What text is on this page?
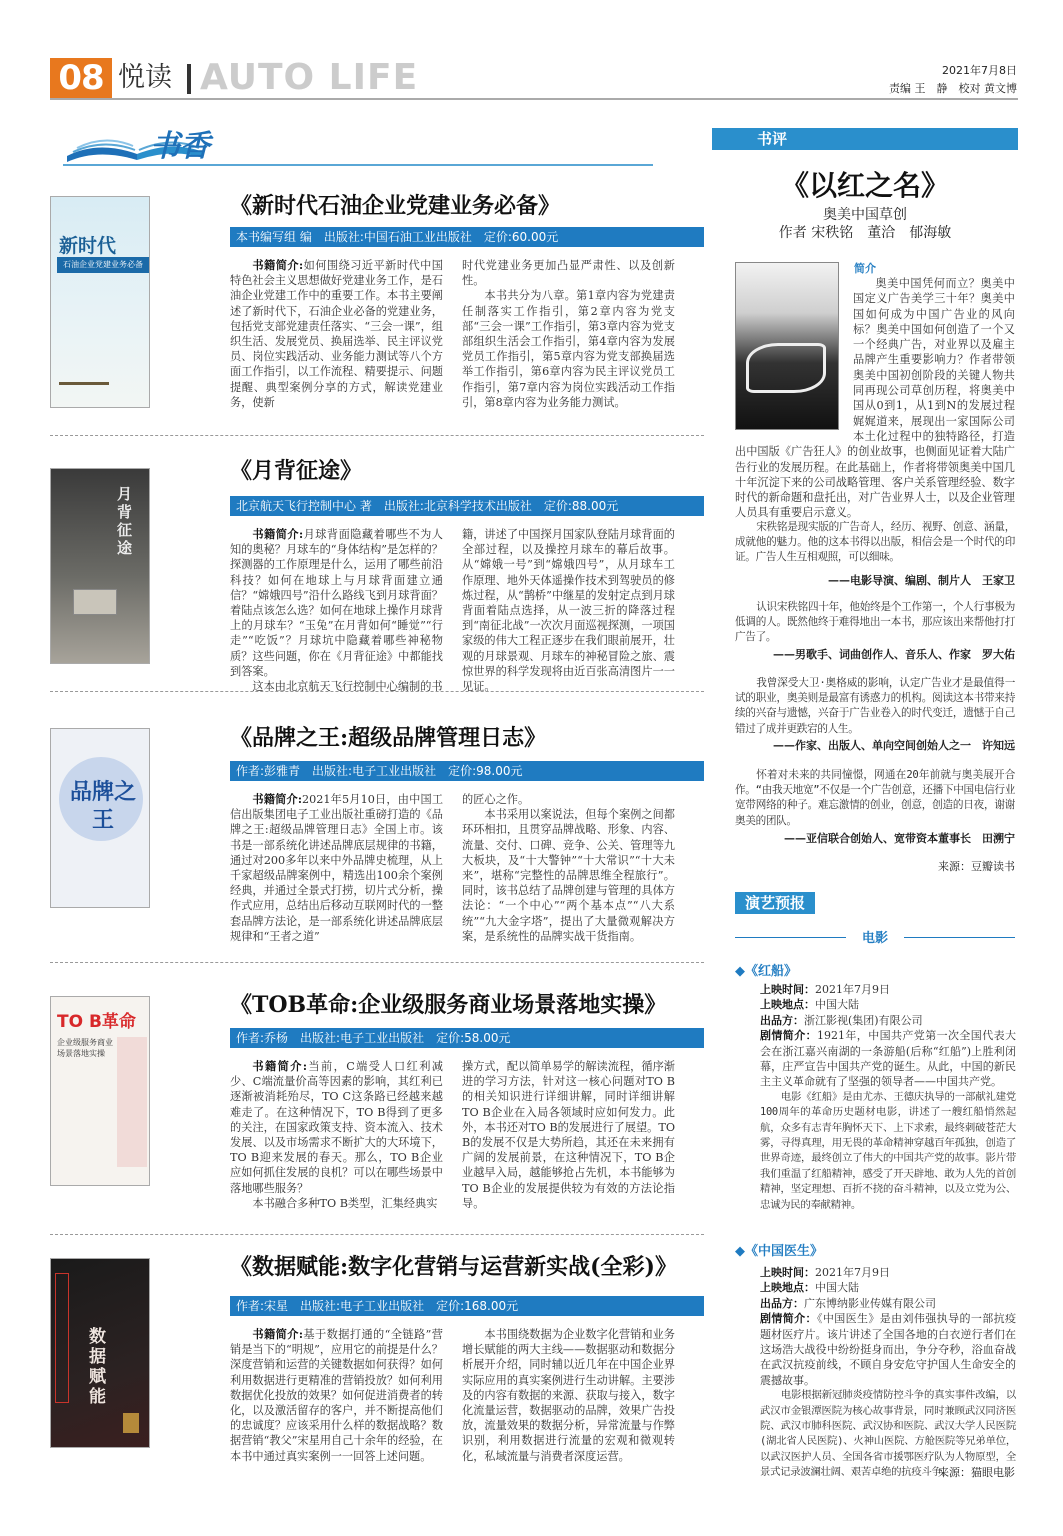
08 悦读 AUTO LIFE	2021年7月8日
责编 王　静　校对 黄文博
书香
新时代
石油企业党建业务必备
《新时代石油企业党建业务必备》
本书编写组 编　出版社:中国石油工业出版社　定价:60.00元

书籍简介:如何围绕习近平新时代中国特色社会主义思想做好党建业务工作，是石油企业党建工作中的重要工作。本书主要阐述了新时代下，石油企业必备的党建业务，包括党支部党建责任落实、“三会一课”，组织生活、发展党员、换届选举、民主评议党员、岗位实践活动、业务能力测试等八个方面工作指引，以工作流程、精要提示、问题提醒、典型案例分享的方式，解读党建业务，使新

时代党建业务更加凸显严肃性、以及创新性。

本书共分为八章。第1章内容为党建责任制落实工作指引，第2章内容为党支部“三会一课”工作指引，第3章内容为党支部组织生活会工作指引，第4章内容为发展党员工作指引，第5章内容为党支部换届选举工作指引，第6章内容为民主评议党员工作指引，第7章内容为岗位实践活动工作指引，第8章内容为业务能力测试。

月背征途
《月背征途》
北京航天飞行控制中心 著　出版社:北京科学技术出版社　定价:88.00元

书籍简介:月球背面隐藏着哪些不为人知的奥秘？月球车的“身体结构”是怎样的？探测器的工作原理是什么，运用了哪些前沿科技？如何在地球上与月球背面建立通信？“嫦娥四号”沿什么路线飞到月球背面？着陆点该怎么选？如何在地球上操作月球背上的月球车？“玉兔”在月背如何“睡觉”“行走”“吃饭”？月球坑中隐藏着哪些神秘物质？这些问题，你在《月背征途》中都能找到答案。

这本由北京航天飞行控制中心编制的书

籍，讲述了中国探月国家队登陆月球背面的全部过程，以及操控月球车的幕后故事。从“嫦娥一号”到“嫦娥四号”，从月球车工作原理、地外天体遥操作技术到驾驶员的修炼过程，从“鹊桥”中继星的发射定点到月球背面着陆点选择，从一波三折的降落过程到“南征北战”一次次月面巡视探测，一项国家级的伟大工程正逐步在我们眼前展开，壮观的月球景观、月球车的神秘冒险之旅、震惊世界的科学发现将由近百张高清图片一一见证。

品牌之王
《品牌之王:超级品牌管理日志》
作者:彭雅青　出版社:电子工业出版社　定价:98.00元

书籍简介:2021年5月10日，由中国工信出版集团电子工业出版社重磅打造的《品牌之王:超级品牌管理日志》全国上市。该书是一部系统化讲述品牌底层规律的书籍，通过对200多年以来中外品牌史梳理，从上千家超级品牌案例中，精选出100余个案例经典，并通过全景式打捞，切片式分析，操作式应用，总结出后移动互联网时代的一整套品牌方法论，是一部系统化讲述品牌底层规律和“王者之道”

的匠心之作。

本书采用以案说法，但每个案例之间都环环相扣，且贯穿品牌战略、形象、内容、流量、交付、口碑、竞争、公关、管理等九大板块，及“十大警钟”“十大常识”“十大未来”，堪称“完整性的品牌思维全程旅行”。同时，该书总结了品牌创建与管理的具体方法论：“一个中心”“两个基本点”“八大系统”“九大金字塔”，提出了大量微观解决方案，是系统性的品牌实战干货指南。

TO B革命
企业级服务商业场景落地实操
《TOB革命:企业级服务商业场景落地实操》
作者:乔杨　出版社:电子工业出版社　定价:58.00元

书籍简介:当前，C端受人口红利减少、C端流量价高等因素的影响，其红利已逐渐被消耗殆尽，TO C这条路已经越来越难走了。在这种情况下，TO B得到了更多的关注，在国家政策支持、资本流入、技术发展、以及市场需求不断扩大的大环境下，TO B迎来发展的春天。那么，TO B企业应如何抓住发展的良机？可以在哪些场景中落地哪些服务？

本书融合多种TO B类型，汇集经典实

操方式，配以简单易学的解读流程，循序渐进的学习方法，针对这一核心问题对TO B的相关知识进行详细讲解，同时详细讲解TO B企业在入局各领域时应如何发力。此外，本书还对TO B的发展进行了展望。TO B的发展不仅是大势所趋，其还在未来拥有广阔的发展前景，在这种情况下，TO B企业越早入局，越能够抢占先机，本书能够为TO B企业的发展提供较为有效的方法论指导。

数据赋能
《数据赋能:数字化营销与运营新实战(全彩)》
作者:宋星　出版社:电子工业出版社　定价:168.00元

书籍简介:基于数据打通的“全链路”营销是当下的“明规”，应用它的前提是什么？深度营销和运营的关键数据如何获得？如何利用数据进行更精准的营销投放？如何利用数据优化投放的效果？如何促进消费者的转化，以及激活留存的客户，并不断提高他们的忠诚度？应该采用什么样的数据战略？数据营销“教父”宋星用自己十余年的经验，在本书中通过真实案例一一回答上述问题。

本书围绕数据为企业数字化营销和业务增长赋能的两大主线——数据驱动和数据分析展开介绍，同时辅以近几年在中国企业界实际应用的真实案例进行生动讲解。主要涉及的内容有数据的来源、获取与接入，数字化流量运营，数据驱动的品牌，效果广告投放，流量效果的数据分析，异常流量与作弊识别，利用数据进行流量的宏观和微观转化，私域流量与消费者深度运营。

书评
《以红之名》
奥美中国草创
作者 宋秩铭　董洽　郁海敏
简介
奥美中国凭何而立？奥美中国定义广告美学三十年？奥美中国如何成为中国广告业的风向标？奥美中国如何创造了一个又一个经典广告，对业界以及雇主品牌产生重要影响力？作者带领奥美中国初创阶段的关键人物共同再现公司草创历程，将奥美中国从0到1，从1到N的发展过程娓娓道来，展现出一家国际公司本土化过程中的独特路径，打造出中国版《广告狂人》的创业故事，也侧面见证着大陆广告行业的发展历程。在此基础上，作者将带领奥美中国几十年沉淀下来的公司战略管理、客户关系管理经验、数字时代的新命题和盘托出，对广告业界人士，以及企业管理人员具有重要启示意义。

宋秩铭是现实版的广告奇人，经历、视野、创意、涵量，成就他的魅力。他的这本书得以出版，相信会是一个时代的印证。广告人生互相观照，可以细味。

——电影导演、编剧、制片人　王家卫

认识宋秩铭四十年，他始终是个工作第一，个人行事极为低调的人。既然他终于难得地出一本书，那应该出来帮他打打广告了。

——男歌手、词曲创作人、音乐人、作家　罗大佑

我曾深受大卫·奥格威的影响，认定广告业才是最值得一试的职业，奥美则是最富有诱惑力的机构。阅读这本书带来持续的兴奋与遗憾，兴奋于广告业卷入的时代变迁，遗憾于自己错过了成并更跌宕的人生。

——作家、出版人、单向空间创始人之一　许知远

怀着对未来的共同憧憬，网通在20年前就与奥美展开合作。“由我天地宽”不仅是一个广告创意，还播下中国电信行业宽带网络的种子。难忘激情的创业，创意，创造的日夜，谢谢奥美的团队。

——亚信联合创始人、宽带资本董事长　田溯宁
来源：豆瓣读书
演艺预报
电影
◆《红船》
上映时间：2021年7月9日
上映地点：中国大陆
出品方：浙江影视(集团)有限公司
剧情简介：1921年，中国共产党第一次全国代表大会在浙江嘉兴南湖的一条游船(后称“红船”)上胜利闭幕，庄严宣告中国共产党的诞生。从此，中国的新民主主义革命就有了坚强的领导者——中国共产党。
电影《红船》是由尤赤、王德庆执导的一部献礼建党100周年的革命历史题材电影，讲述了一艘红船悄然起航，众多有志青年胸怀天下、上下求索，最终刺破苍茫大雾，寻得真理，用无畏的革命精神穿越百年孤独，创造了世界奇迹，最终创立了伟大的中国共产党的故事。影片带我们重温了红船精神，感受了开天辟地、敢为人先的首创精神，坚定理想、百折不挠的奋斗精神，以及立党为公、忠诚为民的奉献精神。
◆《中国医生》
上映时间：2021年7月9日
上映地点：中国大陆
出品方：广东博纳影业传媒有限公司
剧情简介：《中国医生》是由刘伟强执导的一部抗疫题材医疗片。该片讲述了全国各地的白衣逆行者们在这场浩大战役中纷纷挺身而出，争分夺秒，浴血奋战在武汉抗疫前线，不顾自身安危守护国人生命安全的震撼故事。
电影根据新冠肺炎疫情防控斗争的真实事件改编，以武汉市金银潭医院为核心故事背景，同时兼顾武汉同济医院、武汉市肺科医院、武汉协和医院、武汉大学人民医院(湖北省人民医院)、火神山医院、方舱医院等兄弟单位，以武汉医护人员、全国各省市援鄂医疗队为人物原型，全景式记录波澜壮阔、艰苦卓绝的抗疫斗争。
来源：猫眼电影
